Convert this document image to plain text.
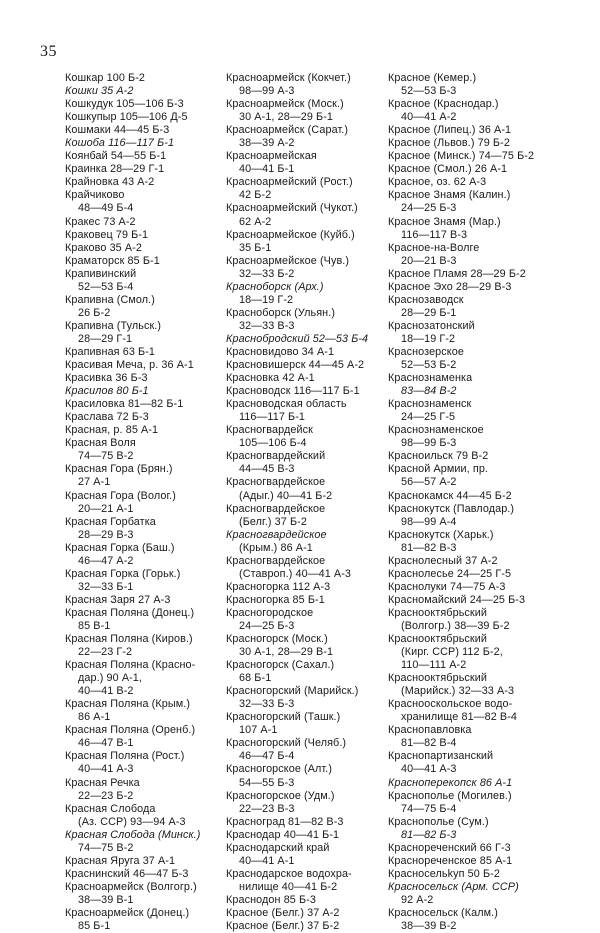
35
Кошкар 100 Б-2
Кошки 35 А-2
Кошкудук 105—106 Б-3
Кошкупыр 105—106 Д-5
Кошмаки 44—45 Б-3
Кошоба 116—117 Б-1
Коянбай 54—55 Б-1
Краинка 28—29 Г-1
Крайновка 43 А-2
Крайчиково
48—49 Б-4
Кракес 73 А-2
Краковец 79 Б-1
Краково 35 А-2
Краматорск 85 Б-1
Крапивинский
52—53 Б-4
Крапивна (Смол.)
26 Б-2
Крапивна (Тульск.)
28—29 Г-1
Крапивная 63 Б-1
Красивая Меча, р. 36 А-1
Красивка 36 Б-3
Красилов 80 Б-1
Красиловка 81—82 Б-1
Краслава 72 Б-3
Красная, р. 85 А-1
Красная Воля
74—75 В-2
Красная Гора (Брян.)
27 А-1
Красная Гора (Волог.)
20—21 А-1
Красная Горбатка
28—29 В-3
Красная Горка (Баш.)
46—47 А-2
Красная Горка (Горьк.)
32—33 Б-1
Красная Заря 27 А-3
Красная Поляна (Донец.)
85 В-1
Красная Поляна (Киров.)
22—23 Г-2
Красная Поляна (Краснo-
дар.) 90 А-1,
40—41 В-2
Красная Поляна (Крым.)
86 А-1
Красная Поляна (Оренб.)
46—47 В-1
Красная Поляна (Рост.)
40—41 А-3
Красная Речка
22—23 Б-2
Красная Слобода
(Аз. ССР) 93—94 А-3
Красная Слобода (Минск.)
74—75 В-2
Красная Яруга 37 А-1
Краснинский 46—47 Б-3
Красноармейск (Волгогр.)
38—39 В-1
Красноармейск (Донец.)
85 Б-1
Красноармейск (Кокчет.)
98—99 А-3
Красноармейск (Моск.)
30 А-1, 28—29 Б-1
Красноармейск (Сарат.)
38—39 А-2
Красноармейская
40—41 Б-1
Красноармейский (Рост.)
42 Б-2
Красноармейский (Чукот.)
62 А-2
Красноармейское (Куйб.)
35 Б-1
Красноармейское (Чув.)
32—33 Б-2
Красноборск (Арх.)
18—19 Г-2
Красноборск (Ульян.)
32—33 В-3
Краснобродский 52—53 Б-4
Красновидово 34 А-1
Красновишерск 44—45 А-2
Красновка 42 А-1
Красноводск 116—117 Б-1
Красноводская область
116—117 Б-1
Красногвардейск
105—106 Б-4
Красногвардейский
44—45 В-3
Красногвардейское
(Адыг.) 40—41 Б-2
Красногвардейское
(Белг.) 37 Б-2
Красногвардейское
(Крым.) 86 А-1
Красногвардейское
(Ставроп.) 40—41 А-3
Красногорка 112 А-3
Красногорка 85 Б-1
Красногородское
24—25 Б-3
Красногорск (Моск.)
30 А-1, 28—29 В-1
Красногорск (Сахал.)
68 Б-1
Красногорский (Марийск.)
32—33 Б-3
Красногорский (Ташк.)
107 А-1
Красногорский (Челяб.)
46—47 Б-4
Красногорское (Алт.)
54—55 Б-3
Красногорское (Удм.)
22—23 В-3
Красноград 81—82 В-3
Краснодар 40—41 Б-1
Краснодарский край
40—41 А-1
Краснодарское водохра-
нилище 40—41 Б-2
Краснодон 85 Б-3
Красное (Белг.) 37 А-2
Красное (Белг.) 37 Б-2
Красное (Кемер.)
52—53 Б-3
Красное (Краснодар.)
40—41 А-2
Красное (Липец.) 36 А-1
Красное (Львов.) 79 Б-2
Красное (Минск.) 74—75 Б-2
Красное (Смол.) 26 А-1
Красное, оз. 62 А-3
Красное Знамя (Калин.)
24—25 Б-3
Красное Знамя (Мар.)
116—117 В-3
Красное-на-Волге
20—21 В-3
Красное Пламя 28—29 Б-2
Красное Эхо 28—29 В-3
Краснозаводск
28—29 Б-1
Краснозатонский
18—19 Г-2
Краснозерское
52—53 Б-2
Краснознаменка
83—84 В-2
Краснознаменск
24—25 Г-5
Краснознаменское
98—99 Б-3
Краснoильск 79 В-2
Красной Армии, пр.
56—57 А-2
Краснокамск 44—45 Б-2
Краснокутск (Павлодар.)
98—99 А-4
Краснокутск (Харьк.)
81—82 В-3
Краснолесный 37 А-2
Краснолесье 24—25 Г-5
Краснолуки 74—75 А-3
Красномайский 24—25 Б-3
Краснооктябрьский
(Волгогр.) 38—39 Б-2
Краснооктябрьский
(Кирг. ССР) 112 Б-2,
110—111 А-2
Краснооктябрьский
(Марийск.) 32—33 А-3
Краснооскольское водо-
хранилище 81—82 В-4
Краснопавловка
81—82 В-4
Краснопартизанский
40—41 А-3
Красноперекопск 86 А-1
Краснополье (Могилев.)
74—75 Б-4
Краснополье (Сум.)
81—82 Б-3
Краснореченский 66 Г-3
Краснореченское 85 А-1
Красносельkуп 50 Б-2
Красносельск (Арм. ССР)
92 А-2
Красносельск (Калм.)
38—39 В-2
